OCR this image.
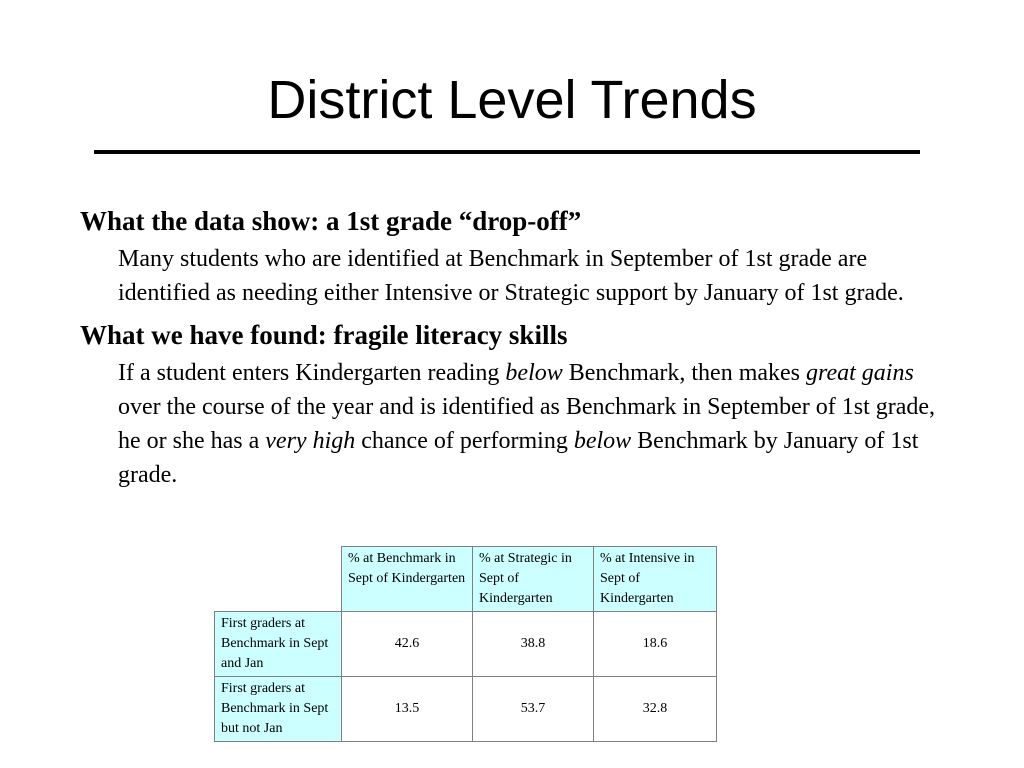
District Level Trends

What the data show: a 1st grade “drop-off”

Many students who are identified at Benchmark in September of 1st grade are identified as needing either Intensive or Strategic support by January of 1st grade.

What we have found: fragile literacy skills

If a student enters Kindergarten reading below Benchmark, then makes great gains over the course of the year and is identified as Benchmark in September of 1st grade, he or she has a very high chance of performing below Benchmark by January of 1st grade.

	% at Benchmark in Sept of Kindergarten	% at Strategic in Sept of Kindergarten	% at Intensive in Sept of Kindergarten
First graders at Benchmark in Sept and Jan	42.6	38.8	18.6
First graders at Benchmark in Sept but not Jan	13.5	53.7	32.8
